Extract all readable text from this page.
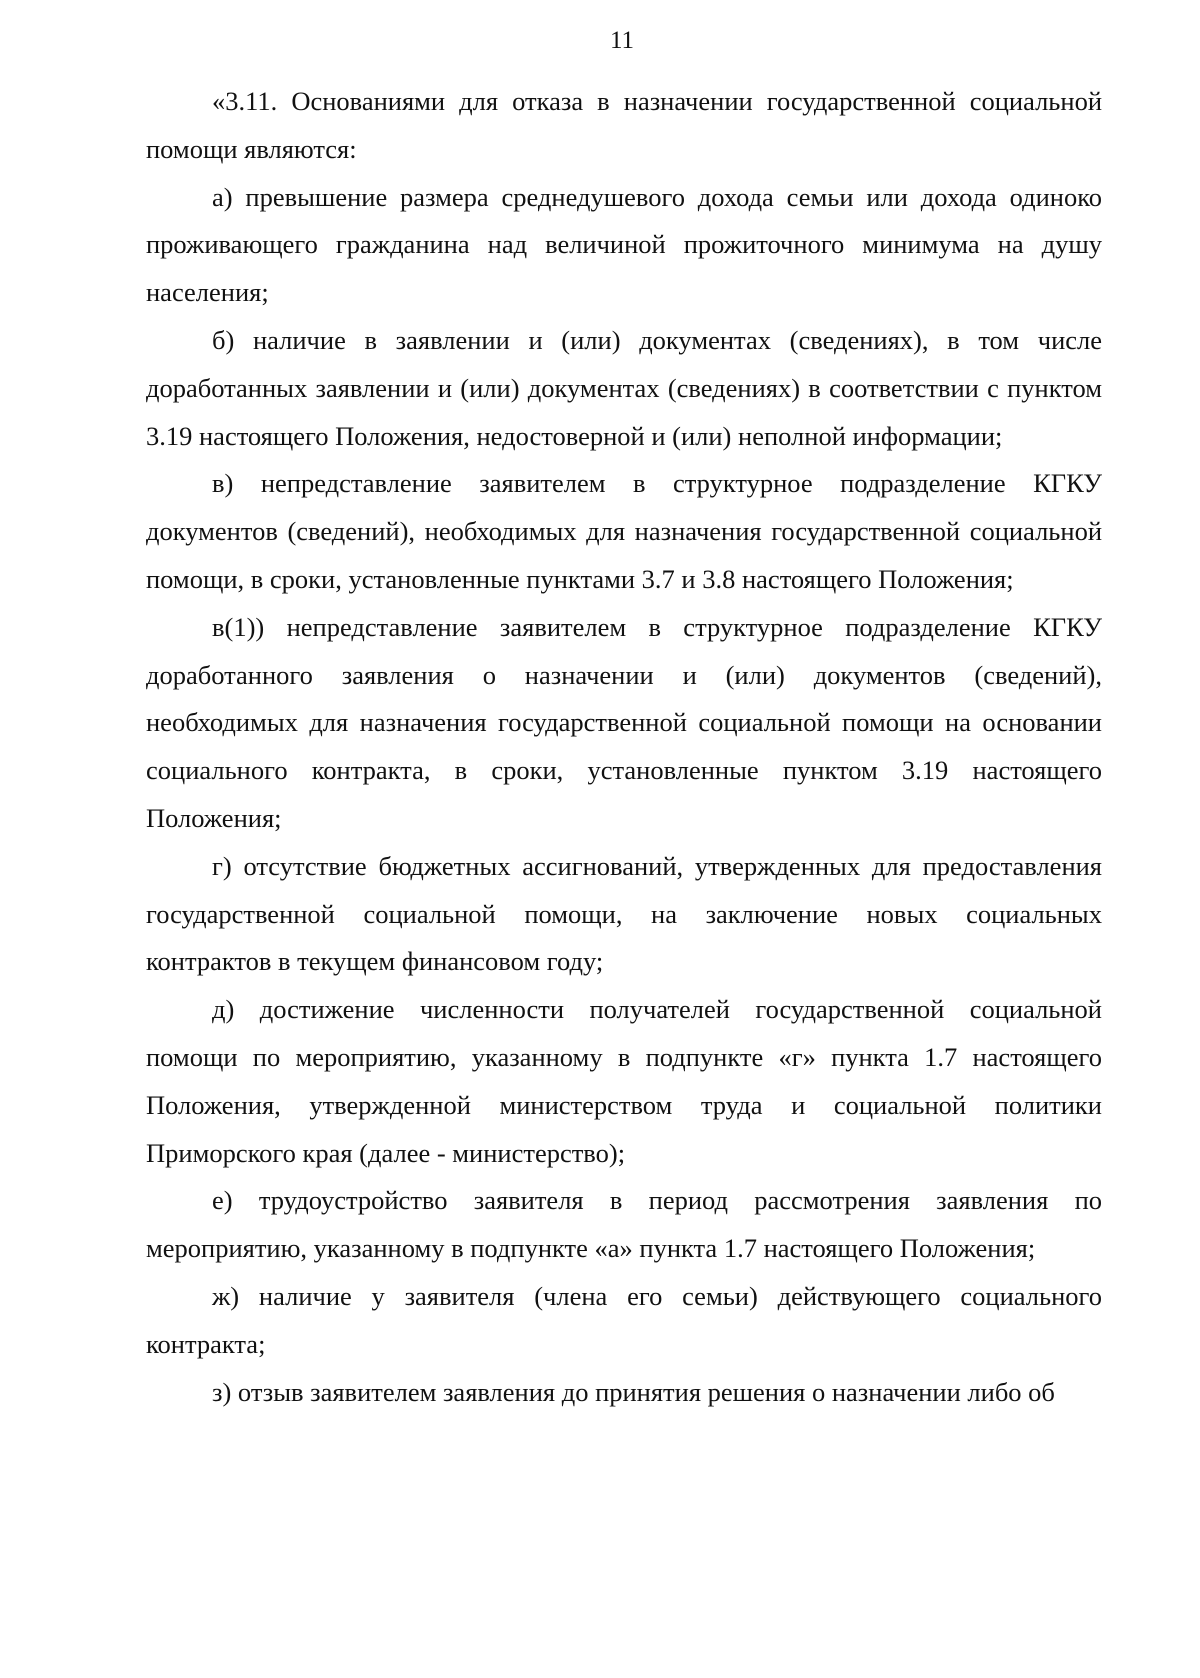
11

«3.11. Основаниями для отказа в назначении государственной социальной помощи являются:

а) превышение размера среднедушевого дохода семьи или дохода одиноко проживающего гражданина над величиной прожиточного минимума на душу населения;

б) наличие в заявлении и (или) документах (сведениях), в том числе доработанных заявлении и (или) документах (сведениях) в соответствии с пунктом 3.19 настоящего Положения, недостоверной и (или) неполной информации;

в) непредставление заявителем в структурное подразделение КГКУ документов (сведений), необходимых для назначения государственной социальной помощи, в сроки, установленные пунктами 3.7 и 3.8 настоящего Положения;

в(1)) непредставление заявителем в структурное подразделение КГКУ доработанного заявления о назначении и (или) документов (сведений), необходимых для назначения государственной социальной помощи на основании социального контракта, в сроки, установленные пунктом 3.19 настоящего Положения;

г) отсутствие бюджетных ассигнований, утвержденных для предоставления государственной социальной помощи, на заключение новых социальных контрактов в текущем финансовом году;

д) достижение численности получателей государственной социальной помощи по мероприятию, указанному в подпункте «г» пункта 1.7 настоящего Положения, утвержденной министерством труда и социальной политики Приморского края (далее - министерство);

е) трудоустройство заявителя в период рассмотрения заявления по мероприятию, указанному в подпункте «а» пункта 1.7 настоящего Положения;

ж) наличие у заявителя (члена его семьи) действующего социального контракта;

з) отзыв заявителем заявления до принятия решения о назначении либо об
